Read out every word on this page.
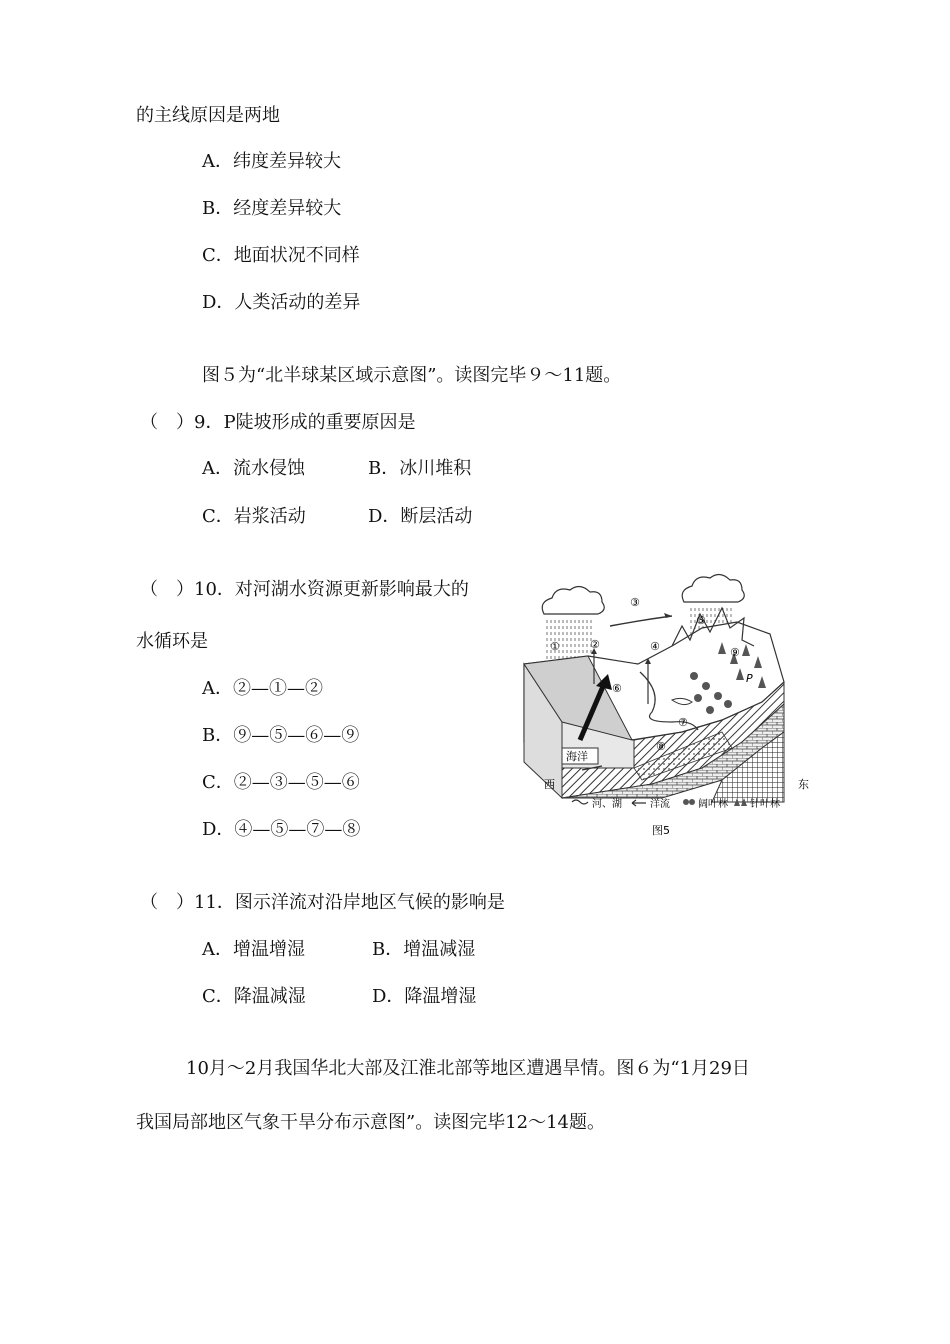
的主线原因是两地
A．纬度差异较大
B．经度差异较大
C．地面状况不同样
D．人类活动的差异
图５为“北半球某区域示意图”。读图完毕９～11题。
（　）9．P陡坡形成的重要原因是
A．流水侵蚀	B．冰川堆积
C．岩浆活动	D．断层活动
（　）10．对河湖水资源更新影响最大的
水循环是
A．②—①—②
B．⑨—⑤—⑥—⑨
C．②—③—⑤—⑥
D．④—⑤—⑦—⑧
①	②
③
④
⑤
⑥
⑦
⑧
⑨
P
海洋
西	东
河、湖	洋流	阔叶林 针叶林
图5
（　）11．图示洋流对沿岸地区气候的影响是
A．增温增湿	B．增温减湿
C．降温减湿	D．降温增湿
10月～2月我国华北大部及江淮北部等地区遭遇旱情。图６为“1月29日
我国局部地区气象干旱分布示意图”。读图完毕12～14题。
